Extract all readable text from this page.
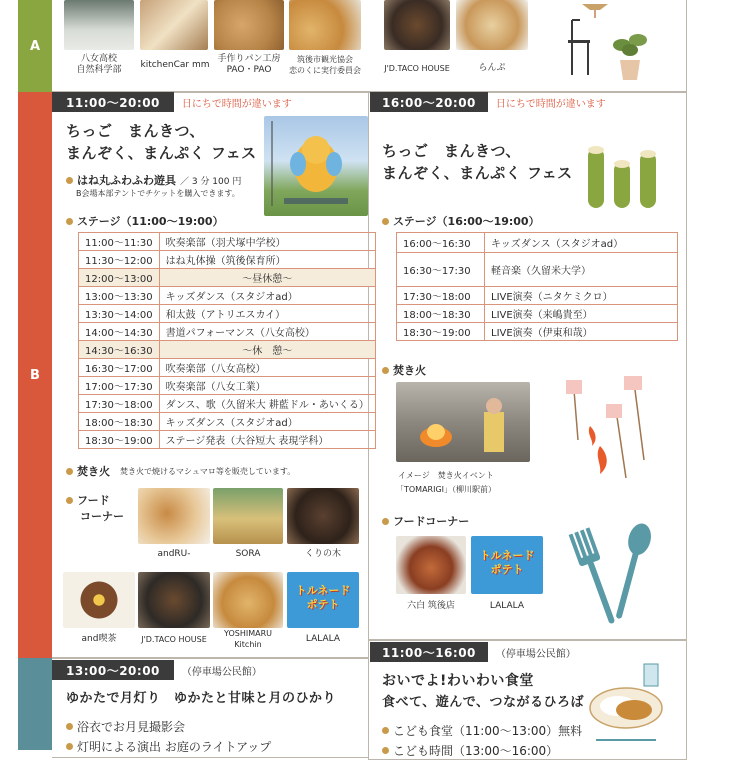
A
八女高校
自然科学部	kitchenCar mm
手作りパン工房
PAO・PAO
筑後市観光協会
恋のくに実行委員会	J'D.TACO HOUSE	らんぷ
B
11:00〜20:00	日にちで時間が違います
ちっご　まんきつ、
まんぞく、まんぷく フェス
はね丸ふわふわ遊具 ／ 3 分 100 円
B会場本部テントでチケットを購入できます。
ステージ（11:00〜19:00）
11:00〜11:30	吹奏楽部（羽犬塚中学校）
11:30〜12:00	はね丸体操（筑後保育所）
12:00〜13:00	〜昼休憩〜
13:00〜13:30	キッズダンス（スタジオad）
13:30〜14:00	和太鼓（アトリエスカイ）
14:00〜14:30	書道パフォーマンス（八女高校）
14:30〜16:30	〜休　憩〜
16:30〜17:00	吹奏楽部（八女高校）
17:00〜17:30	吹奏楽部（八女工業）
17:30〜18:00	ダンス、歌（久留米大 耕藍ドル・あいくる）
18:00〜18:30	キッズダンス（スタジオad）
18:30〜19:00	ステージ発表（大谷短大 表現学科）
焚き火 焚き火で焼けるマシュマロ等を販売しています。
フード
コーナー
andRU-	SORA	くりの木
トルネード
ポテト
and喫茶	J'D.TACO HOUSE
YOSHIMARU
Kitchin
LALALA
16:00〜20:00	日にちで時間が違います
ちっご　まんきつ、
まんぞく、まんぷく フェス
ステージ（16:00〜19:00）
16:00〜16:30	キッズダンス（スタジオad）
16:30〜17:30	軽音楽（久留米大学）
17:30〜18:00	LIVE演奏（ニタケミクロ）
18:00〜18:30	LIVE演奏（来嶋貴至）
18:30〜19:00	LIVE演奏（伊東和哉）
焚き火
イメージ　焚き火イベント
「TOMARIGI」（柳川駅前）
フードコーナー
トルネード
ポテト
六白 筑後店	LALALA
13:00〜20:00	（停車場公民館）
ゆかたで月灯り　ゆかたと甘味と月のひかり
浴衣でお月見撮影会
灯明による演出 お庭のライトアップ
11:00〜16:00	（停車場公民館）
おいでよ!わいわい食堂
食べて、遊んで、つながるひろば
こども食堂（11:00〜13:00）無料
こども時間（13:00〜16:00）
